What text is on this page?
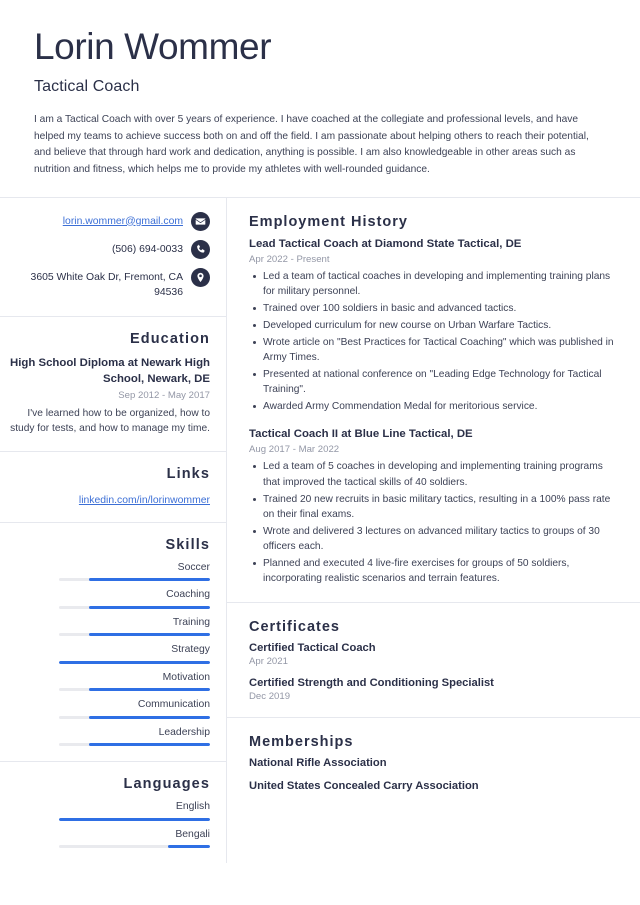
Lorin Wommer
Tactical Coach
I am a Tactical Coach with over 5 years of experience. I have coached at the collegiate and professional levels, and have helped my teams to achieve success both on and off the field. I am passionate about helping others to reach their potential, and believe that through hard work and dedication, anything is possible. I am also knowledgeable in other areas such as nutrition and fitness, which helps me to provide my athletes with well-rounded guidance.
lorin.wommer@gmail.com
(506) 694-0033
3605 White Oak Dr, Fremont, CA 94536
Education
High School Diploma at Newark High School, Newark, DE
Sep 2012 - May 2017
I've learned how to be organized, how to study for tests, and how to manage my time.
Links
linkedin.com/in/lorinwommer
Skills
Soccer
Coaching
Training
Strategy
Motivation
Communication
Leadership
Languages
English
Bengali
Employment History
Lead Tactical Coach at Diamond State Tactical, DE
Apr 2022 - Present
Led a team of tactical coaches in developing and implementing training plans for military personnel.
Trained over 100 soldiers in basic and advanced tactics.
Developed curriculum for new course on Urban Warfare Tactics.
Wrote article on "Best Practices for Tactical Coaching" which was published in Army Times.
Presented at national conference on "Leading Edge Technology for Tactical Training".
Awarded Army Commendation Medal for meritorious service.
Tactical Coach II at Blue Line Tactical, DE
Aug 2017 - Mar 2022
Led a team of 5 coaches in developing and implementing training programs that improved the tactical skills of 40 soldiers.
Trained 20 new recruits in basic military tactics, resulting in a 100% pass rate on their final exams.
Wrote and delivered 3 lectures on advanced military tactics to groups of 30 officers each.
Planned and executed 4 live-fire exercises for groups of 50 soldiers, incorporating realistic scenarios and terrain features.
Certificates
Certified Tactical Coach
Apr 2021
Certified Strength and Conditioning Specialist
Dec 2019
Memberships
National Rifle Association
United States Concealed Carry Association
